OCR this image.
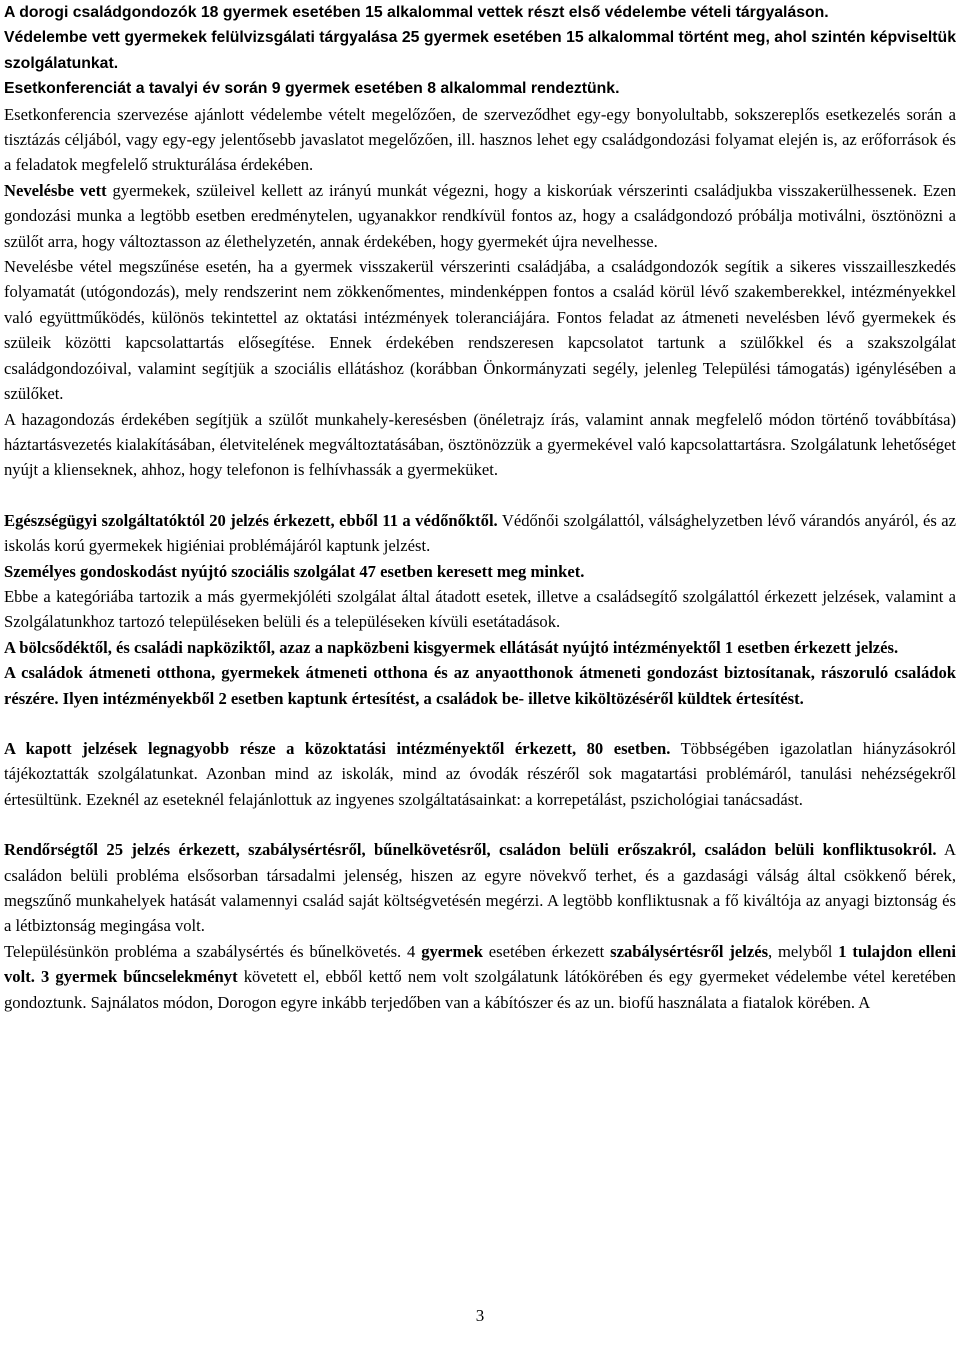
A dorogi családgondozók 18 gyermek esetében 15 alkalommal vettek részt első védelembe vételi tárgyaláson.

Védelembe vett gyermekek felülvizsgálati tárgyalása 25 gyermek esetében 15 alkalommal történt meg, ahol szintén képviseltük szolgálatunkat.

Esetkonferenciát a tavalyi év során 9 gyermek esetében 8 alkalommal rendeztünk.

Esetkonferencia szervezése ajánlott védelembe vételt megelőzően, de szerveződhet egy-egy bonyolultabb, sokszereplős esetkezelés során a tisztázás céljából, vagy egy-egy jelentősebb javaslatot megelőzően, ill. hasznos lehet egy családgondozási folyamat elején is, az erőforrások és a feladatok megfelelő strukturálása érdekében.

Nevelésbe vett gyermekek, szüleivel kellett az irányú munkát végezni, hogy a kiskorúak vérszerinti családjukba visszakerülhessenek. Ezen gondozási munka a legtöbb esetben eredménytelen, ugyanakkor rendkívül fontos az, hogy a családgondozó próbálja motiválni, ösztönözni a szülőt arra, hogy változtasson az élethelyzetén, annak érdekében, hogy gyermekét újra nevelhesse.

Nevelésbe vétel megszűnése esetén, ha a gyermek visszakerül vérszerinti családjába, a családgondozók segítik a sikeres visszailleszkedés folyamatát (utógondozás), mely rendszerint nem zökkenőmentes, mindenképpen fontos a család körül lévő szakemberekkel, intézményekkel való együttműködés, különös tekintettel az oktatási intézmények toleranciájára. Fontos feladat az átmeneti nevelésben lévő gyermekek és szüleik közötti kapcsolattartás elősegítése. Ennek érdekében rendszeresen kapcsolatot tartunk a szülőkkel és a szakszolgálat családgondozóival, valamint segítjük a szociális ellátáshoz (korábban Önkormányzati segély, jelenleg Települési támogatás) igénylésében a szülőket.

A hazagondozás érdekében segítjük a szülőt munkahely-keresésben (önéletrajz írás, valamint annak megfelelő módon történő továbbítása) háztartásvezetés kialakításában, életvitelének megváltoztatásában, ösztönözzük a gyermekével való kapcsolattartásra. Szolgálatunk lehetőséget nyújt a klienseknek, ahhoz, hogy telefonon is felhívhassák a gyermeküket.

Egészségügyi szolgáltatóktól 20 jelzés érkezett, ebből 11 a védőnőktől. Védőnői szolgálattól, válsághelyzetben lévő várandós anyáról, és az iskolás korú gyermekek higiéniai problémájáról kaptunk jelzést.

Személyes gondoskodást nyújtó szociális szolgálat 47 esetben keresett meg minket.

Ebbe a kategóriába tartozik a más gyermekjóléti szolgálat által átadott esetek, illetve a családsegítő szolgálattól érkezett jelzések, valamint a Szolgálatunkhoz tartozó településeken belüli és a településeken kívüli esetátadások.

A bölcsődéktől, és családi napköziktől, azaz a napközbeni kisgyermek ellátását nyújtó intézményektől 1 esetben érkezett jelzés.

A családok átmeneti otthona, gyermekek átmeneti otthona és az anyaotthonok átmeneti gondozást biztosítanak, rászoruló családok részére. Ilyen intézményekből 2 esetben kaptunk értesítést, a családok be- illetve kiköltözéséről küldtek értesítést.

A kapott jelzések legnagyobb része a közoktatási intézményektől érkezett, 80 esetben. Többségében igazolatlan hiányzásokról tájékoztatták szolgálatunkat. Azonban mind az iskolák, mind az óvodák részéről sok magatartási problémáról, tanulási nehézségekről értesültünk. Ezeknél az eseteknél felajánlottuk az ingyenes szolgáltatásainkat: a korrepetálást, pszichológiai tanácsadást.

Rendőrségtől 25 jelzés érkezett, szabálysértésről, bűnelkövetésről, családon belüli erőszakról, családon belüli konfliktusokról. A családon belüli probléma elsősorban társadalmi jelenség, hiszen az egyre növekvő terhet, és a gazdasági válság által csökkenő bérek, megszűnő munkahelyek hatását valamennyi család saját költségvetésén megérzi. A legtöbb konfliktusnak a fő kiváltója az anyagi biztonság és a létbiztonság megingása volt.

Településünkön probléma a szabálysértés és bűnelkövetés. 4 gyermek esetében érkezett szabálysértésről jelzés, melyből 1 tulajdon elleni volt. 3 gyermek bűncselekményt követett el, ebből kettő nem volt szolgálatunk látókörében és egy gyermeket védelembe vétel keretében gondoztunk. Sajnálatos módon, Dorogon egyre inkább terjedőben van a kábítószer és az un. biofű használata a fiatalok körében. A

3
